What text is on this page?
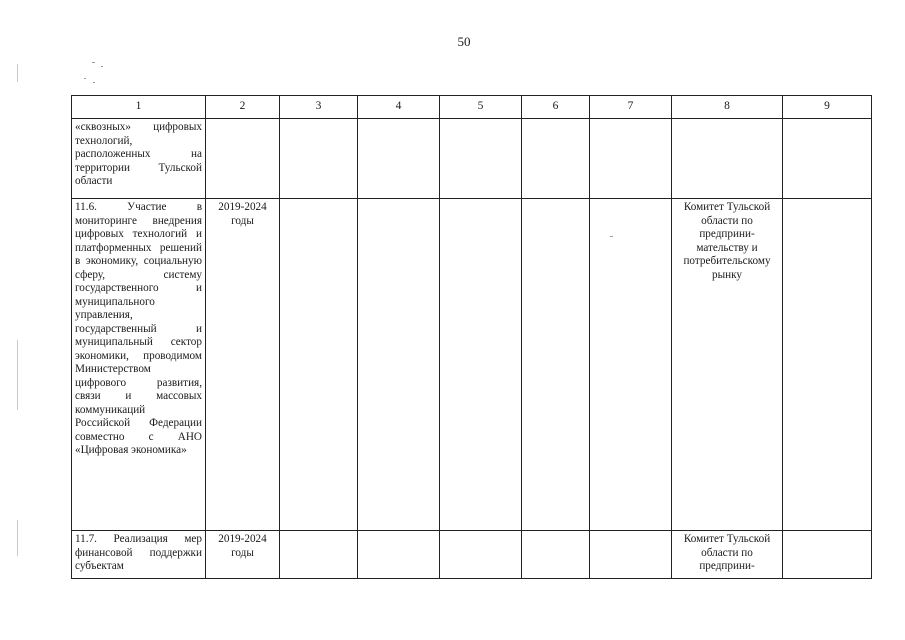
50
1	2	3	4	5	6	7	8	9
«сквозных» цифровых технологий, расположенных на территории Тульской области								
11.6. Участие в мониторинге внедрения цифровых технологий и платформенных решений в экономику, социальную сферу, систему государственного и муниципального управления, государственный и муниципальный сектор экономики, проводимом Министерством цифрового развития, связи и массовых коммуникаций Российской Федерации совместно с АНО «Цифровая экономика»	2019-2024 годы						Комитет Тульской области по предприни-мательству и потребительскому рынку	
11.7. Реализация мер финансовой поддержки субъектам	2019-2024 годы						Комитет Тульской области по предприни-	
